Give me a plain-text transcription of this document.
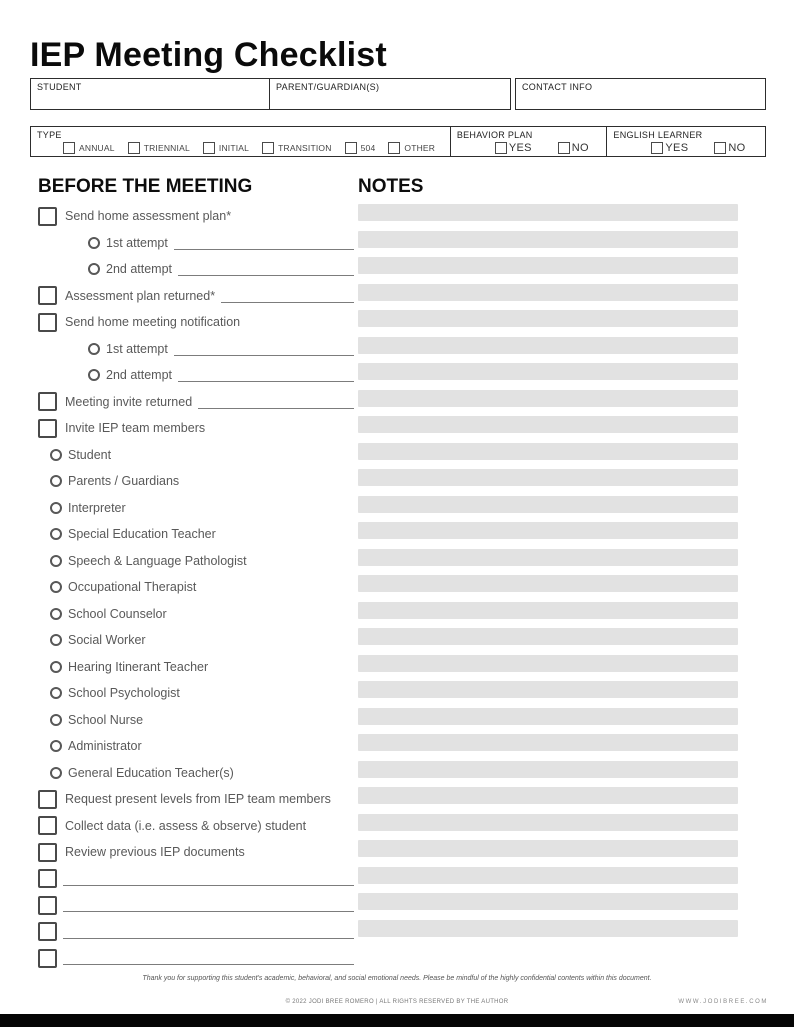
IEP Meeting Checklist
STUDENT	PARENT/GUARDIAN(S)	CONTACT INFO
TYPE
ANNUAL	TRIENNIAL	INITIAL	TRANSITION	504	OTHER
BEHAVIOR PLAN
YES	NO
ENGLISH LEARNER
YES	NO
BEFORE THE MEETING	NOTES
Send home assessment plan*
1st attempt
2nd attempt
Assessment plan returned*
Send home meeting notification
1st attempt
2nd attempt
Meeting invite returned
Invite IEP team members
Student
Parents / Guardians
Interpreter
Special Education Teacher
Speech & Language Pathologist
Occupational Therapist
School Counselor
Social Worker
Hearing Itinerant Teacher
School Psychologist
School Nurse
Administrator
General Education Teacher(s)
Request present levels from IEP team members
Collect data (i.e. assess & observe) student
Review previous IEP documents
Thank you for supporting this student's academic, behavioral, and social emotional needs. Please be mindful of the highly confidential contents within this document.
© 2022 JODI BREE ROMERO | ALL RIGHTS RESERVED BY THE AUTHOR	WWW.JODIBREE.COM
